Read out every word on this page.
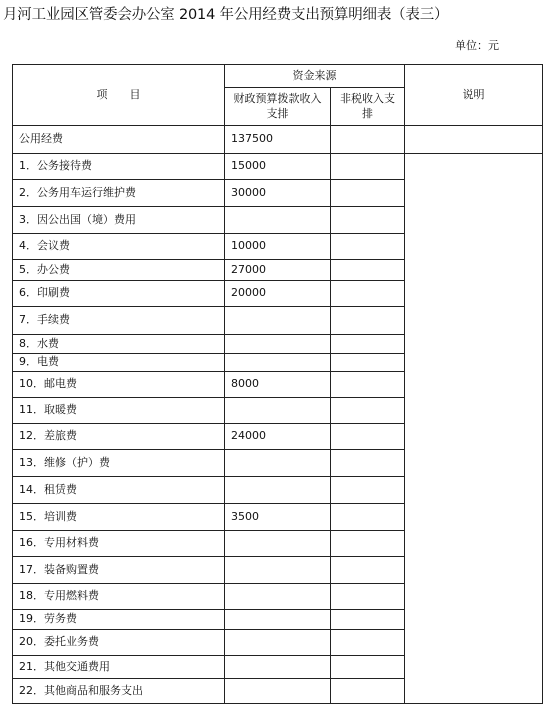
月河工业园区管委会办公室 2014 年公用经费支出预算明细表（表三）
单位：元
项　　目	资金来源		说明
	财政预算拨款收入支排	非税收入支　排	
公用经费	137500		
1．公务接待费	15000		
2．公务用车运行维护费	30000		
3．因公出国（境）费用			
4．会议费	10000		
5．办公费	27000		
6．印刷费	20000		
7．手续费			
8．水费			
9．电费			
10．邮电费	8000		
11．取暖费			
12．差旅费	24000		
13．维修（护）费			
14．租赁费			
15．培训费	3500		
16．专用材料费			
17．装备购置费			
18．专用燃料费			
19．劳务费			
20．委托业务费			
21．其他交通费用			
22．其他商品和服务支出			
